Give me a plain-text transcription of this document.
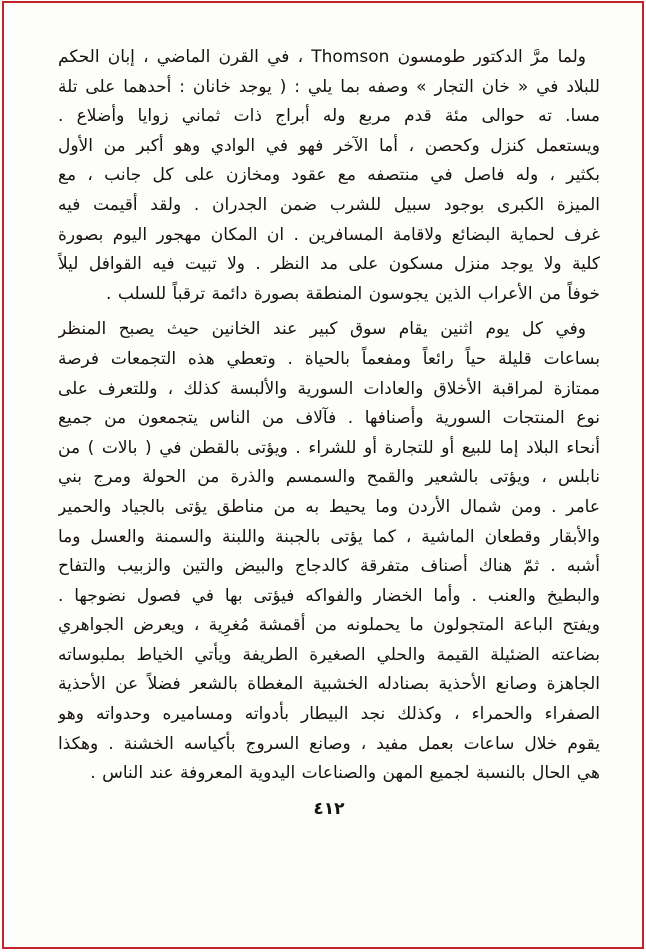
ولما مرَّ الدكتور طومسون Thomson ، في القرن الماضي ، إبان الحكم
للبلاد في « خان التجار » وصفه بما يلي : ( يوجد خانان : أحدهما على تلة
مسا. ته حوالى مئة قدم مربع وله أبراج ذات ثماني زوايا وأضلاع .
ويستعمل كنزل وكحصن ، أما الآخر فهو في الوادي وهو أكبر من الأول
بكثير ، وله فاصل في منتصفه مع عقود ومخازن على كل جانب ، مع
الميزة الكبرى بوجود سبيل للشرب ضمن الجدران . ولقد أقيمت فيه
غرف لحماية البضائع ولاقامة المسافرين . ان المكان مهجور اليوم بصورة
كلية ولا يوجد منزل مسكون على مد النظر . ولا تبيت فيه القوافل ليلاً
خوفاً من الأعراب الذين يجوسون المنطقة بصورة دائمة ترقباً للسلب .
وفي كل يوم اثنين يقام سوق كبير عند الخانين حيث يصبح المنظر
بساعات قليلة حياً رائعاً ومفعماً بالحياة . وتعطي هذه التجمعات فرصة
ممتازة لمراقبة الأخلاق والعادات السورية والألبسة كذلك ، وللتعرف على
نوع المنتجات السورية وأصنافها . فآلاف من الناس يتجمعون من جميع
أنحاء البلاد إما للبيع أو للتجارة أو للشراء . ويؤتى بالقطن في ( بالات ) من
نابلس ، ويؤتى بالشعير والقمح والسمسم والذرة من الحولة ومرج بني
عامر . ومن شمال الأردن وما يحيط به من مناطق يؤتى بالجياد والحمير
والأبقار وقطعان الماشية ، كما يؤتى بالجبنة واللبنة والسمنة والعسل وما
أشبه . ثمّ هناك أصناف متفرقة كالدجاج والبيض والتين والزبيب والتفاح
والبطيخ والعنب . وأما الخضار والفواكه فيؤتى بها في فصول نضوجها .
ويفتح الباعة المتجولون ما يحملونه من أقمشة مُغرِية ، ويعرض الجواهري
بضاعته الضئيلة القيمة والحلي الصغيرة الطريفة ويأتي الخياط بملبوساته
الجاهزة وصانع الأحذية بصنادله الخشبية المغطاة بالشعر فضلاً عن الأحذية
الصفراء والحمراء ، وكذلك نجد البيطار بأدواته ومساميره وحدواته وهو
يقوم خلال ساعات بعمل مفيد ، وصانع السروج بأكياسه الخشنة . وهكذا
هي الحال بالنسبة لجميع المهن والصناعات اليدوية المعروفة عند الناس .
٤١٢
